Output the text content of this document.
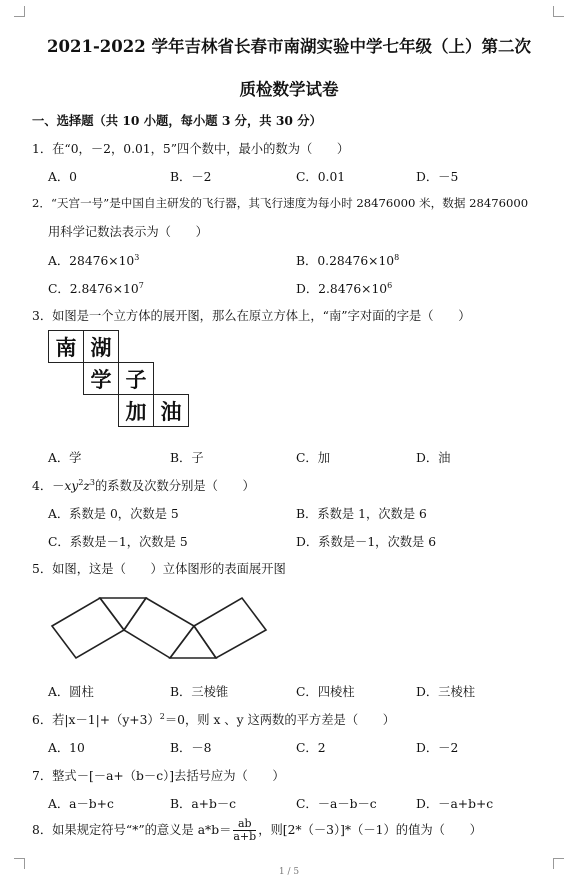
2021-2022 学年吉林省长春市南湖实验中学七年级（上）第二次
质检数学试卷
一、选择题（共 10 小题，每小题 3 分，共 30 分）
1．在“0，－2，0.01，5”四个数中，最小的数为（　　）
A．0	B．－2	C．0.01	D．－5
2．“天宫一号”是中国自主研发的飞行器，其飞行速度为每小时 28476000 米，数据 28476000
用科学记数法表示为（　　）
A．$28476\times 10^3$	B．$0.28476\times 10^8$
C．$2.8476\times 10^7$	D．$2.8476\times 10^6$
3．如图是一个立方体的展开图，那么在原立方体上，“南”字对面的字是（　　）
南 湖
学 子
加 油
A．学	B．子	C．加	D．油
4．$-xy^2z^3$的系数及次数分别是（　　）
A．系数是 0，次数是 5	B．系数是 1，次数是 6
C．系数是－1，次数是 5	D．系数是－1，次数是 6
5．如图，这是（　　）立体图形的表面展开图
A．圆柱	B．三棱锥	C．四棱柱	D．三棱柱
6．若$|x-1|+(y+3)^2=0$，则 x 、y 这两数的平方差是（　　）
A．10	B．－8	C．2	D．－2
7．整式－[－a+（b－c）]去括号应为（　　）
A．a－b+c	B．a+b－c	C．－a－b－c	D．－a+b+c
8．如果规定符号“*”的意义是 $a*b= \frac{ab}{a+b}$ ，则[2*（－3）]*（－1）的值为（　　）
1 / 5
